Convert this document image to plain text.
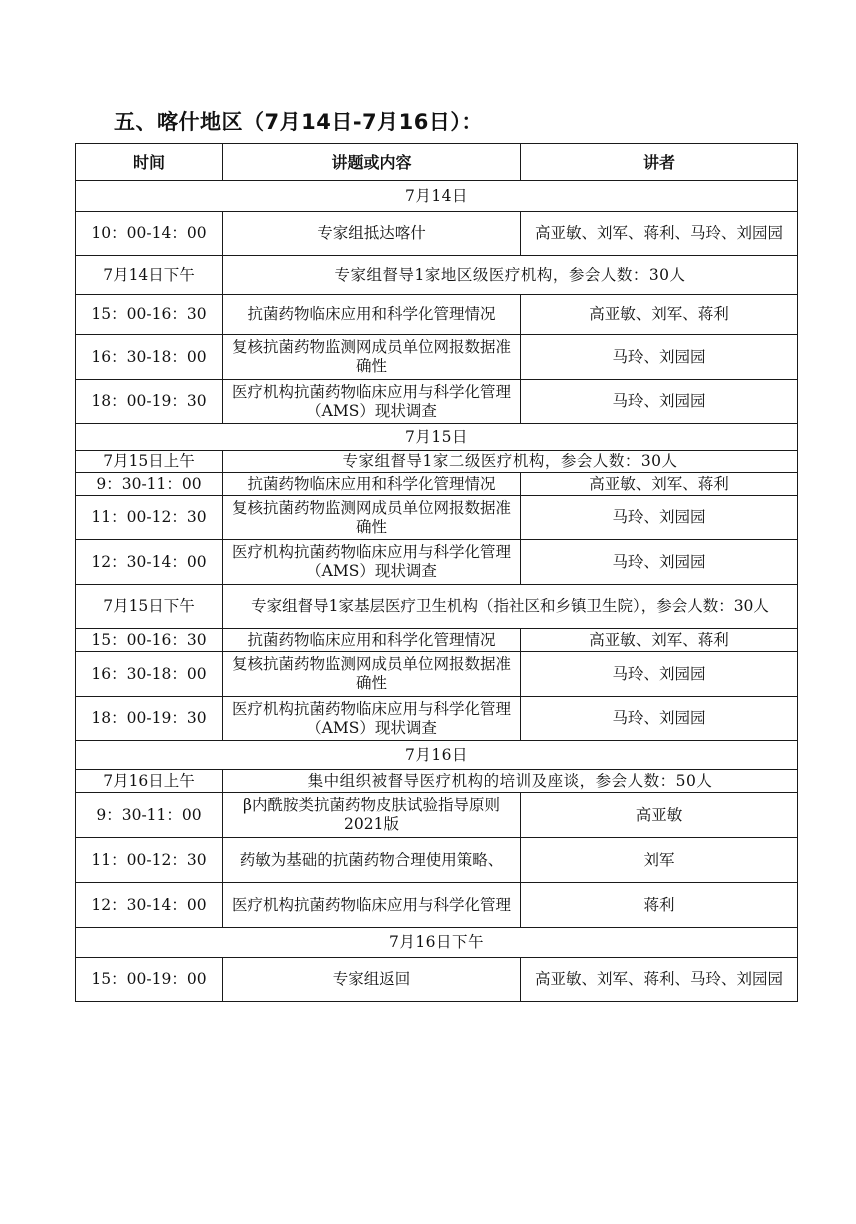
五、喀什地区（7月14日-7月16日）：
时间	讲题或内容	讲者
7月14日		
10：00-14：00	专家组抵达喀什	高亚敏、刘军、蒋利、马玲、刘园园
7月14日下午	专家组督导1家地区级医疗机构，参会人数：30人	
15：00-16：30	抗菌药物临床应用和科学化管理情况	高亚敏、刘军、蒋利
16：30-18：00	复核抗菌药物监测网成员单位网报数据准确性	马玲、刘园园
18：00-19：30	医疗机构抗菌药物临床应用与科学化管理（AMS）现状调查	马玲、刘园园
7月15日		
7月15日上午	专家组督导1家二级医疗机构，参会人数：30人	
9：30-11：00	抗菌药物临床应用和科学化管理情况	高亚敏、刘军、蒋利
11：00-12：30	复核抗菌药物监测网成员单位网报数据准确性	马玲、刘园园
12：30-14：00	医疗机构抗菌药物临床应用与科学化管理（AMS）现状调查	马玲、刘园园
7月15日下午	专家组督导1家基层医疗卫生机构（指社区和乡镇卫生院），参会人数：30人	
15：00-16：30	抗菌药物临床应用和科学化管理情况	高亚敏、刘军、蒋利
16：30-18：00	复核抗菌药物监测网成员单位网报数据准确性	马玲、刘园园
18：00-19：30	医疗机构抗菌药物临床应用与科学化管理（AMS）现状调查	马玲、刘园园
7月16日		
7月16日上午	集中组织被督导医疗机构的培训及座谈，参会人数：50人	
9：30-11：00	β内酰胺类抗菌药物皮肤试验指导原则2021版	高亚敏
11：00-12：30	药敏为基础的抗菌药物合理使用策略、	刘军
12：30-14：00	医疗机构抗菌药物临床应用与科学化管理	蒋利
7月16日下午		
15：00-19：00	专家组返回	高亚敏、刘军、蒋利、马玲、刘园园
